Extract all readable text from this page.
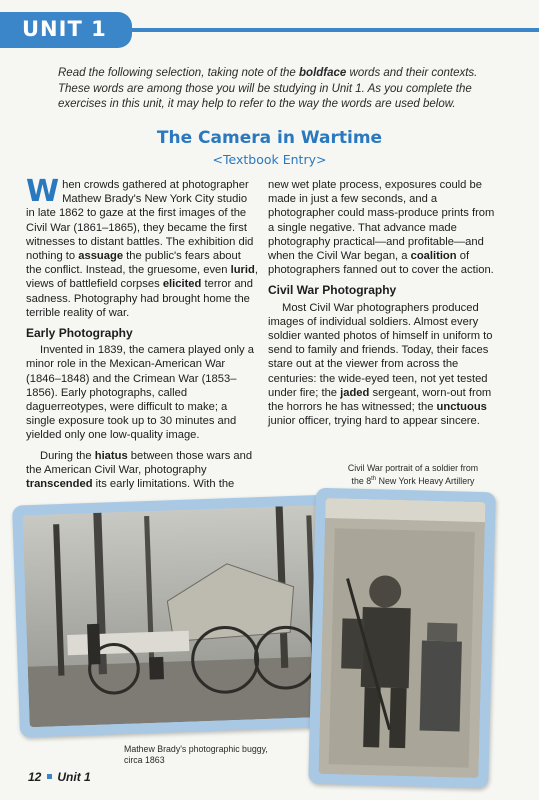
UNIT 1
Read the following selection, taking note of the boldface words and their contexts. These words are among those you will be studying in Unit 1. As you complete the exercises in this unit, it may help to refer to the way the words are used below.
The Camera in Wartime
<Textbook Entry>

When crowds gathered at photographer Mathew Brady's New York City studio in late 1862 to gaze at the first images of the Civil War (1861–1865), they became the first witnesses to distant battles. The exhibition did nothing to assuage the public's fears about the conflict. Instead, the gruesome, even lurid, views of battlefield corpses elicited terror and sadness. Photography had brought home the terrible reality of war.

Early Photography

Invented in 1839, the camera played only a minor role in the Mexican-American War (1846–1848) and the Crimean War (1853–1856). Early photographs, called daguerreotypes, were difficult to make; a single exposure took up to 30 minutes and yielded only one low-quality image.

During the hiatus between those wars and the American Civil War, photography transcended its early limitations. With the

new wet plate process, exposures could be made in just a few seconds, and a photographer could mass-produce prints from a single negative. That advance made photography practical—and profitable—and when the Civil War began, a coalition of photographers fanned out to cover the action.

Civil War Photography

Most Civil War photographers produced images of individual soldiers. Almost every soldier wanted photos of himself in uniform to send to family and friends. Today, their faces stare out at the viewer from across the centuries: the wide-eyed teen, not yet tested under fire; the jaded sergeant, worn-out from the horrors he has witnessed; the unctuous junior officer, trying hard to appear sincere.

Civil War portrait of a soldier from
the 8th New York Heavy Artillery
Mathew Brady's photographic buggy, circa 1863
12 Unit 1
